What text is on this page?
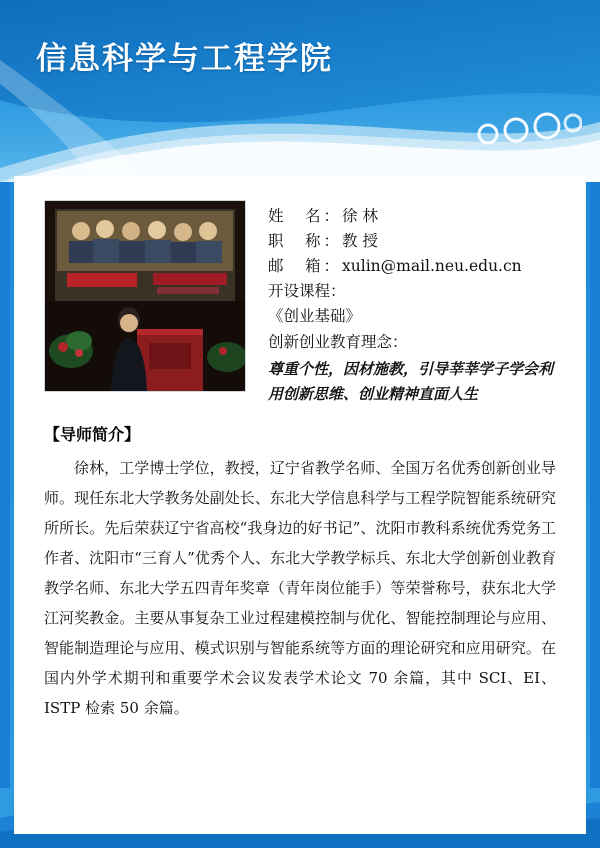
信息科学与工程学院
姓　名：徐 林
职　称：教 授
邮　箱：xulin@mail.neu.edu.cn
开设课程：
《创业基础》
创新创业教育理念：
尊重个性，因材施教，引导莘莘学子学会利用创新思维、创业精神直面人生
【导师简介】
徐林，工学博士学位，教授，辽宁省教学名师、全国万名优秀创新创业导师。现任东北大学教务处副处长、东北大学信息科学与工程学院智能系统研究所所长。先后荣获辽宁省高校“我身边的好书记”、沈阳市教科系统优秀党务工作者、沈阳市“三育人”优秀个人、东北大学教学标兵、东北大学创新创业教育教学名师、东北大学五四青年奖章（青年岗位能手）等荣誉称号，获东北大学江河奖教金。主要从事复杂工业过程建模控制与优化、智能控制理论与应用、智能制造理论与应用、模式识别与智能系统等方面的理论研究和应用研究。在国内外学术期刊和重要学术会议发表学术论文 70 余篇，其中 SCI、EI、ISTP 检索 50 余篇。
